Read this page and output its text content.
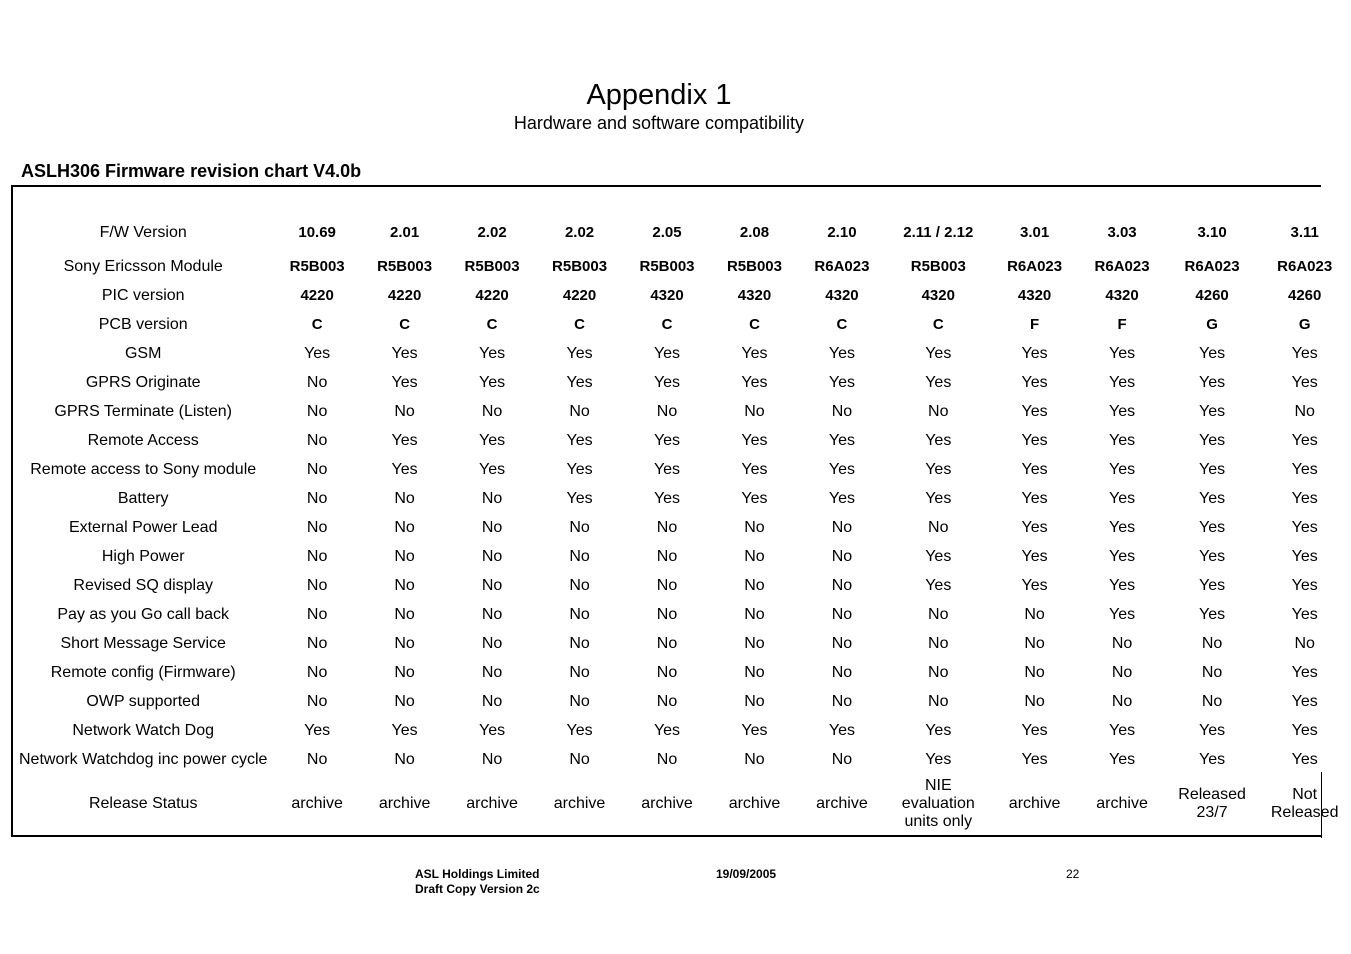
Appendix 1
Hardware and software compatibility
ASLH306 Firmware revision chart V4.0b
F/W Version	10.69	2.01	2.02	2.02	2.05	2.08	2.10	2.11 / 2.12	3.01	3.03	3.10	3.11
Sony Ericsson Module	R5B003	R5B003	R5B003	R5B003	R5B003	R5B003	R6A023	R5B003	R6A023	R6A023	R6A023	R6A023
PIC version	4220	4220	4220	4220	4320	4320	4320	4320	4320	4320	4260	4260
PCB version	C	C	C	C	C	C	C	C	F	F	G	G
GSM	Yes	Yes	Yes	Yes	Yes	Yes	Yes	Yes	Yes	Yes	Yes	Yes
GPRS Originate	No	Yes	Yes	Yes	Yes	Yes	Yes	Yes	Yes	Yes	Yes	Yes
GPRS Terminate (Listen)	No	No	No	No	No	No	No	No	Yes	Yes	Yes	No
Remote Access	No	Yes	Yes	Yes	Yes	Yes	Yes	Yes	Yes	Yes	Yes	Yes
Remote access to Sony module	No	Yes	Yes	Yes	Yes	Yes	Yes	Yes	Yes	Yes	Yes	Yes
Battery	No	No	No	Yes	Yes	Yes	Yes	Yes	Yes	Yes	Yes	Yes
External Power Lead	No	No	No	No	No	No	No	No	Yes	Yes	Yes	Yes
High Power	No	No	No	No	No	No	No	Yes	Yes	Yes	Yes	Yes
Revised SQ display	No	No	No	No	No	No	No	Yes	Yes	Yes	Yes	Yes
Pay as you Go call back	No	No	No	No	No	No	No	No	No	Yes	Yes	Yes
Short Message Service	No	No	No	No	No	No	No	No	No	No	No	No
Remote config (Firmware)	No	No	No	No	No	No	No	No	No	No	No	Yes
OWP supported	No	No	No	No	No	No	No	No	No	No	No	Yes
Network Watch Dog	Yes	Yes	Yes	Yes	Yes	Yes	Yes	Yes	Yes	Yes	Yes	Yes
Network Watchdog inc power cycle	No	No	No	No	No	No	No	Yes	Yes	Yes	Yes	Yes
Release Status	archive	archive	archive	archive	archive	archive	archive	NIE evaluation units only	archive	archive	Released 23/7	Not Released
ASL Holdings Limited
Draft Copy Version 2c
19/09/2005	22
